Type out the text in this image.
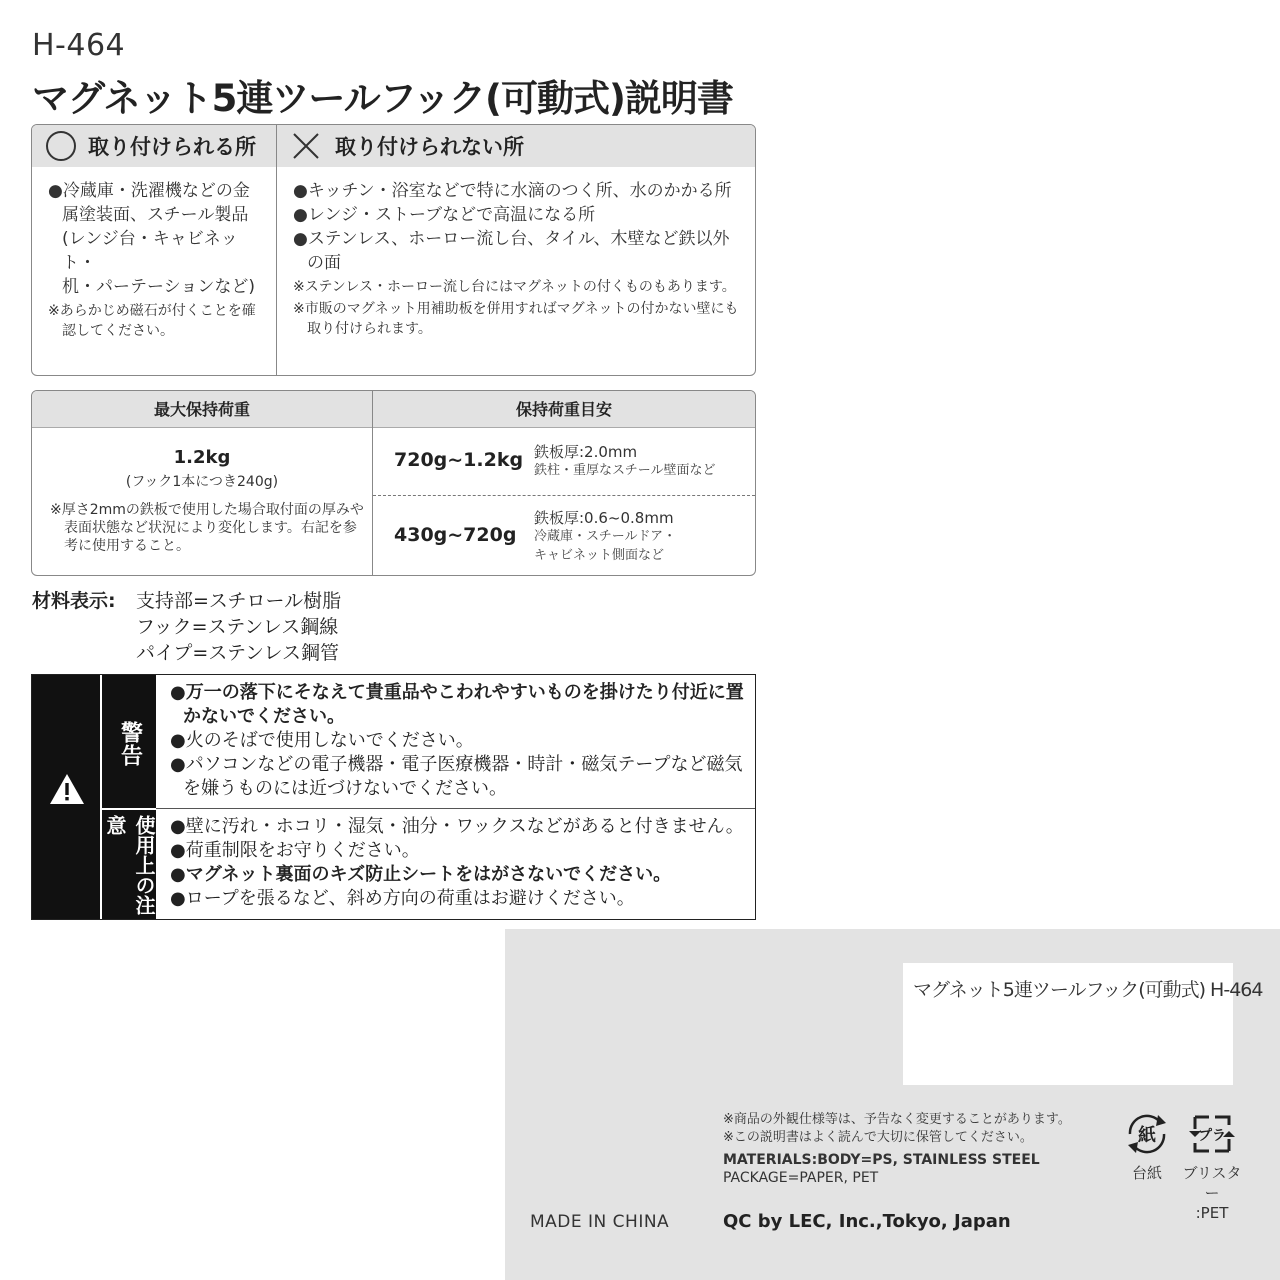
H-464
マグネット5連ツールフック(可動式)説明書
取り付けられる所
●冷蔵庫・洗濯機などの金
属塗装面、スチール製品
(レンジ台・キャビネット・
机・パーテーションなど)
※あらかじめ磁石が付くことを確認してください。
取り付けられない所
●キッチン・浴室などで特に水滴のつく所、水のかかる所
●レンジ・ストーブなどで高温になる所
●ステンレス、ホーロー流し台、タイル、木壁など鉄以外の面
※ステンレス・ホーロー流し台にはマグネットの付くものもあります。
※市販のマグネット用補助板を併用すればマグネットの付かない壁にも取り付けられます。
最大保持荷重	保持荷重目安
1.2kg
(フック1本につき240g)
※厚さ2mmの鉄板で使用した場合取付面の厚みや表面状態など状況により変化します。右記を参考に使用すること。
720g~1.2kg 鉄板厚:2.0mm
鉄柱・重厚なスチール壁面など
430g~720g
鉄板厚:0.6~0.8mm
冷蔵庫・スチールドア・
キャビネット側面など
材料表示: 支持部=スチロール樹脂
フック=ステンレス鋼線
パイプ=ステンレス鋼管
警告
使用上の注意
●万一の落下にそなえて貴重品やこわれやすいものを掛けたり付近に置かないでください。
●火のそばで使用しないでください。
●パソコンなどの電子機器・電子医療機器・時計・磁気テープなど磁気を嫌うものには近づけないでください。
●壁に汚れ・ホコリ・湿気・油分・ワックスなどがあると付きません。
●荷重制限をお守りください。
●マグネット裏面のキズ防止シートをはがさないでください。
●ロープを張るなど、斜め方向の荷重はお避けください。
マグネット5連ツールフック(可動式) H-464
※商品の外観仕様等は、予告なく変更することがあります。
※この説明書はよく読んで大切に保管してください。
MATERIALS:BODY=PS, STAINLESS STEEL
PACKAGE=PAPER, PET
紙
台紙
プラ
ブリスター
:PET
MADE IN CHINA	QC by LEC, Inc.,Tokyo, Japan
